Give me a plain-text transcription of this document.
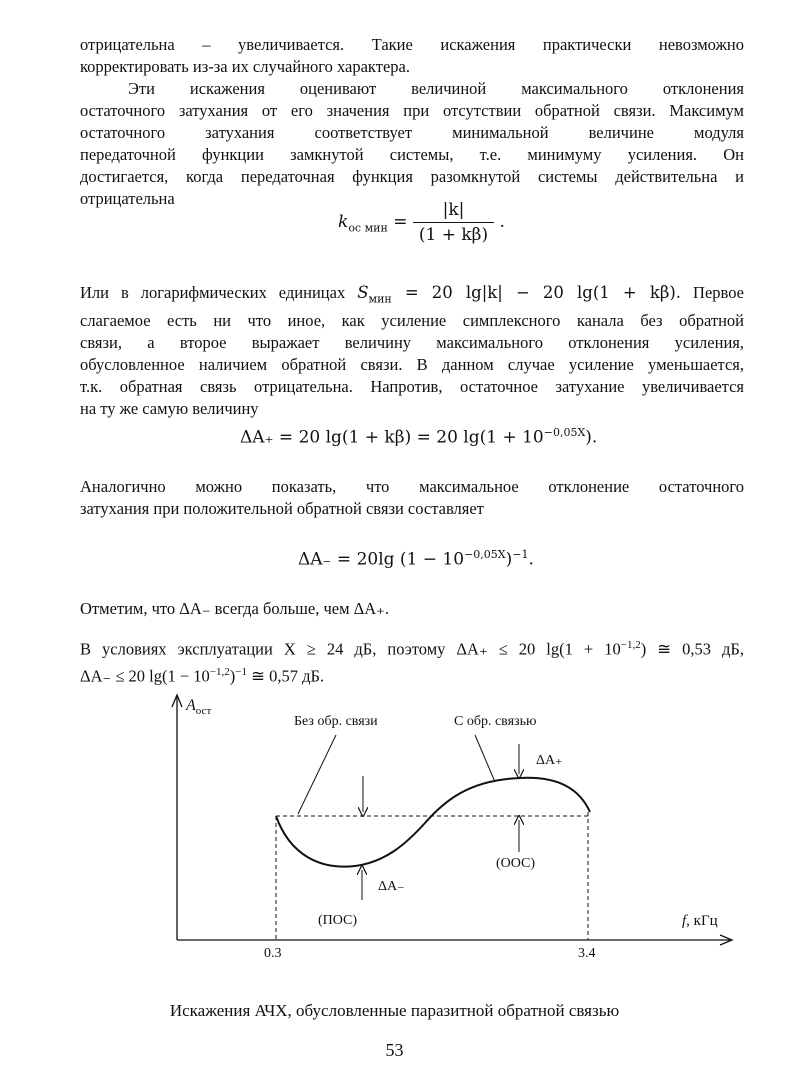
отрицательна – увеличивается. Такие искажения практически невозможно
корректировать из-за их случайного характера.
Эти искажения оценивают величиной максимального отклонения
остаточного затухания от его значения при отсутствии обратной связи. Максимум
остаточного затухания соответствует минимальной величине модуля
передаточной функции замкнутой системы, т.е. минимуму усиления. Он
достигается, когда передаточная функция разомкнутой системы действительна и
отрицательна
$k_{ос мин} = \frac{|k|}{(1 + k\beta)}$ .
Или в логарифмических единицах $S_{мин} = 20$ lg|k| − 20 lg(1 + kβ). Первое
слагаемое есть ни что иное, как усиление симплексного канала без обратной
связи, а второе выражает величину максимального отклонения усиления,
обусловленное наличием обратной связи. В данном случае усиление уменьшается,
т.к. обратная связь отрицательна. Напротив, остаточное затухание увеличивается
на ту же самую величину
ΔA₊ = 20 lg(1 + kβ) = 20 $\lg(1 + 10^{-0,05X})$.
Аналогично можно показать, что максимальное отклонение остаточного
затухания при положительной обратной связи составляет
ΔA₋ = 20lg $(1 - 10^{-0,05X})^{-1}$.
Отметим, что ΔA₋ всегда больше, чем ΔA₊.
В условиях эксплуатации X ≥ 24 дБ, поэтому ΔA₊ ≤ 20 $\lg(1 + 10^{-1,2})$ ≅ 0,53 дБ,
ΔA₋ ≤ 20 $\lg(1 - 10^{-1,2})^{-1}$ ≅ 0,57 дБ.
$A_{ост}$
Без обр. связи	С обр. связью
ΔA₊
(ООС)
ΔA₋
(ПОС)	f, кГц
0.3	3.4
Искажения АЧХ, обусловленные паразитной обратной связью
53
